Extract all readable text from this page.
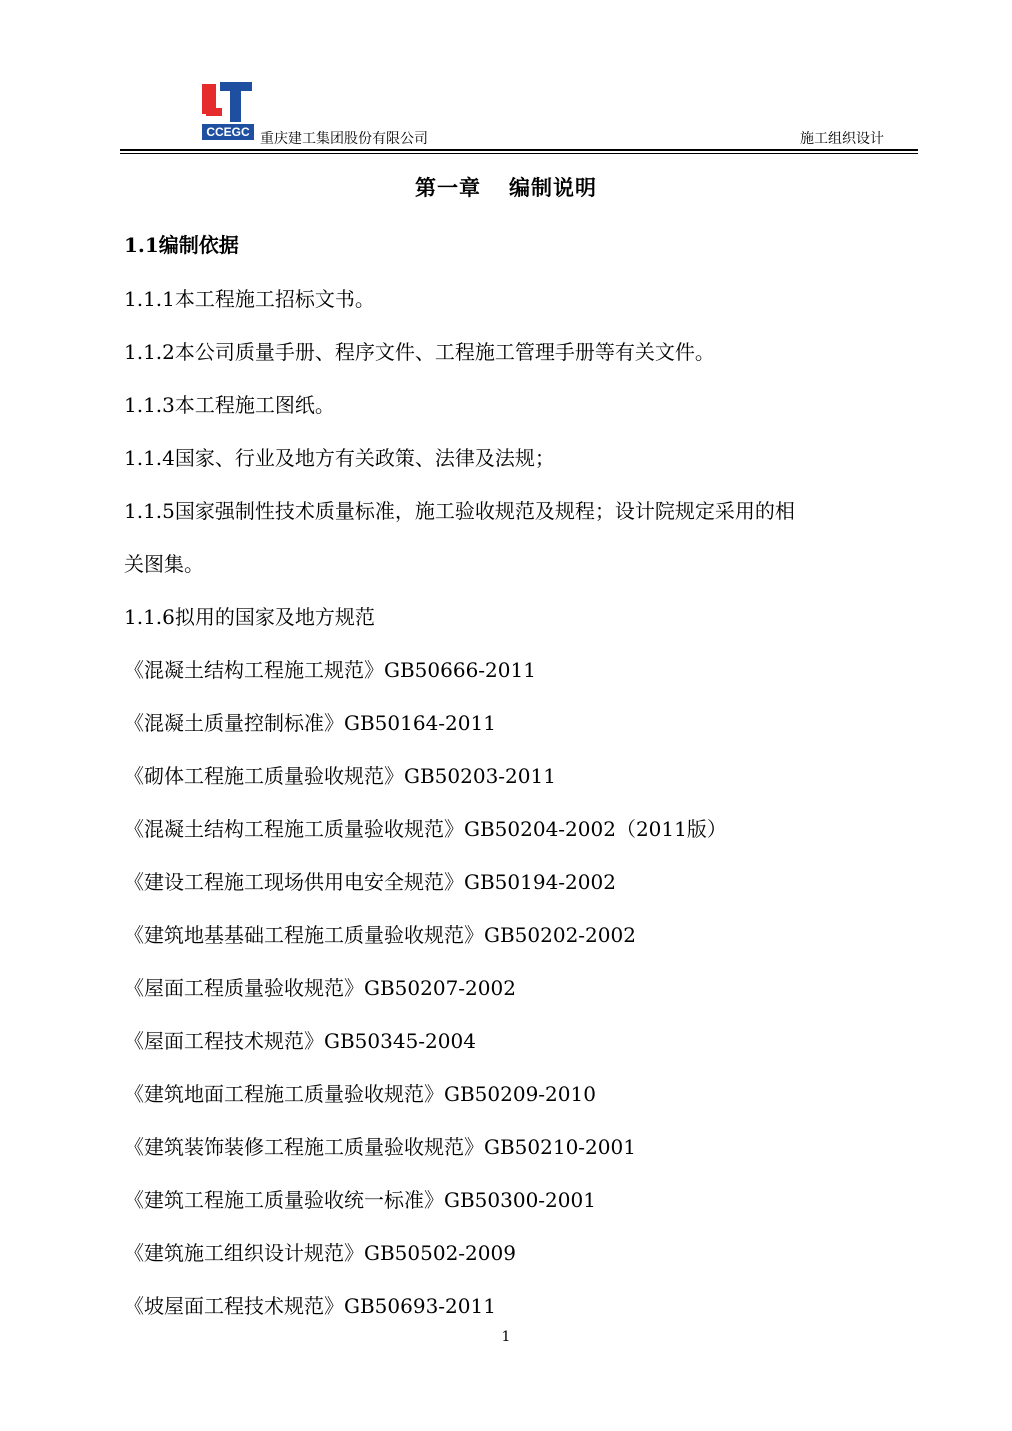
CCEGC 重庆建工集团股份有限公司	施工组织设计
第一章 编制说明
1.1编制依据
1.1.1本工程施工招标文书。
1.1.2本公司质量手册、程序文件、工程施工管理手册等有关文件。
1.1.3本工程施工图纸。
1.1.4国家、行业及地方有关政策、法律及法规；
1.1.5国家强制性技术质量标准，施工验收规范及规程；设计院规定采用的相
关图集。
1.1.6拟用的国家及地方规范
《混凝土结构工程施工规范》GB50666-2011
《混凝土质量控制标准》GB50164-2011
《砌体工程施工质量验收规范》GB50203-2011
《混凝土结构工程施工质量验收规范》GB50204-2002（2011版）
《建设工程施工现场供用电安全规范》GB50194-2002
《建筑地基基础工程施工质量验收规范》GB50202-2002
《屋面工程质量验收规范》GB50207-2002
《屋面工程技术规范》GB50345-2004
《建筑地面工程施工质量验收规范》GB50209-2010
《建筑装饰装修工程施工质量验收规范》GB50210-2001
《建筑工程施工质量验收统一标准》GB50300-2001
《建筑施工组织设计规范》GB50502-2009
《坡屋面工程技术规范》GB50693-2011
1
